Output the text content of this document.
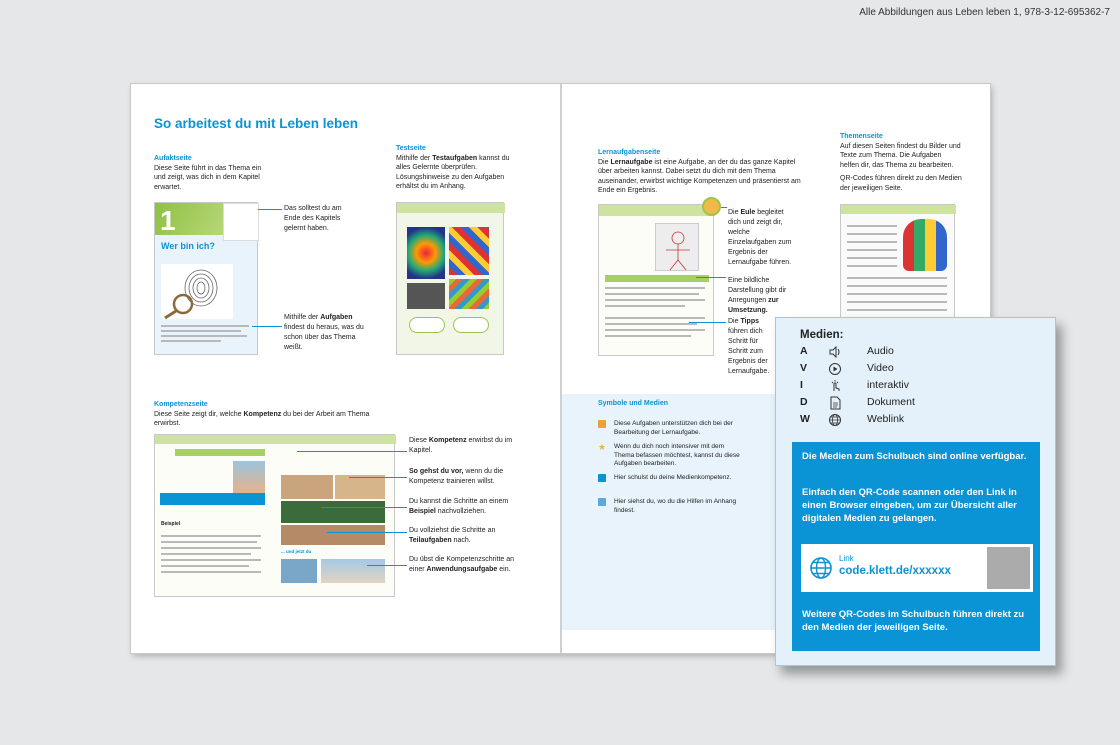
Alle Abbildungen aus Leben leben 1, 978-3-12-695362-7
So arbeitest du mit Leben leben
Aufaktseite
Diese Seite führt in das Thema ein und zeigt, was dich in dem Kapitel erwartet.
1
Wer bin ich?
Das solltest du am Ende des Kapitels gelernt haben.
Mithilfe der Aufgaben findest du heraus, was du schon über das Thema weißt.
Testseite
Mithilfe der Testaufgaben kannst du alles Gelernte überprüfen. Lösungshinweise zu den Aufgaben erhältst du im Anhang.
Kompetenzseite
Diese Seite zeigt dir, welche Kompetenz du bei der Arbeit am Thema erwirbst.
Beispiel
... und jetzt du
Diese Kompetenz erwirbst du im Kapitel.
So gehst du vor, wenn du die Kompetenz trainieren willst.
Du kannst die Schritte an einem Beispiel nachvollziehen.
Du vollziehst die Schritte an Teilaufgaben nach.
Du übst die Kompetenzschritte an einer Anwendungsaufgabe ein.
Lernaufgabenseite
Die Lernaufgabe ist eine Aufgabe, an der du das ganze Kapitel über arbeiten kannst. Dabei setzt du dich mit dem Thema auseinander, erwirbst wichtige Kompetenzen und präsentierst am Ende ein Ergebnis.
Die Eule begleitet dich und zeigt dir, welche Einzelaufgaben zum Ergebnis der Lernaufgabe führen.
Eine bildliche Darstellung gibt dir Anregungen zur Umsetzung.
Die Tipps führen dich Schritt für Schritt zum Ergebnis der Lernaufgabe.
Themenseite
Auf diesen Seiten findest du Bilder und Texte zum Thema. Die Aufgaben helfen dir, das Thema zu bearbeiten.
QR-Codes führen direkt zu den Medien der jeweiligen Seite.
Symbole und Medien
Diese Aufgaben unterstützen dich bei der Bearbeitung der Lernaufgabe.
★ Wenn du dich noch intensiver mit dem Thema befassen möchtest, kannst du diese Aufgaben bearbeiten.
Hier schulst du deine Medienkompetenz.
Hier siehst du, wo du die Hilfen im Anhang findest.
Medien:
A	Audio
V	Video
I	interaktiv
D	Dokument
W	Weblink
Die Medien zum Schulbuch sind online verfügbar.
Einfach den QR-Code scannen oder den Link in einen Browser eingeben, um zur Übersicht aller digitalen Medien zu gelangen.
Link
code.klett.de/xxxxxx
Weitere QR-Codes im Schulbuch führen direkt zu den Medien der jeweiligen Seite.
